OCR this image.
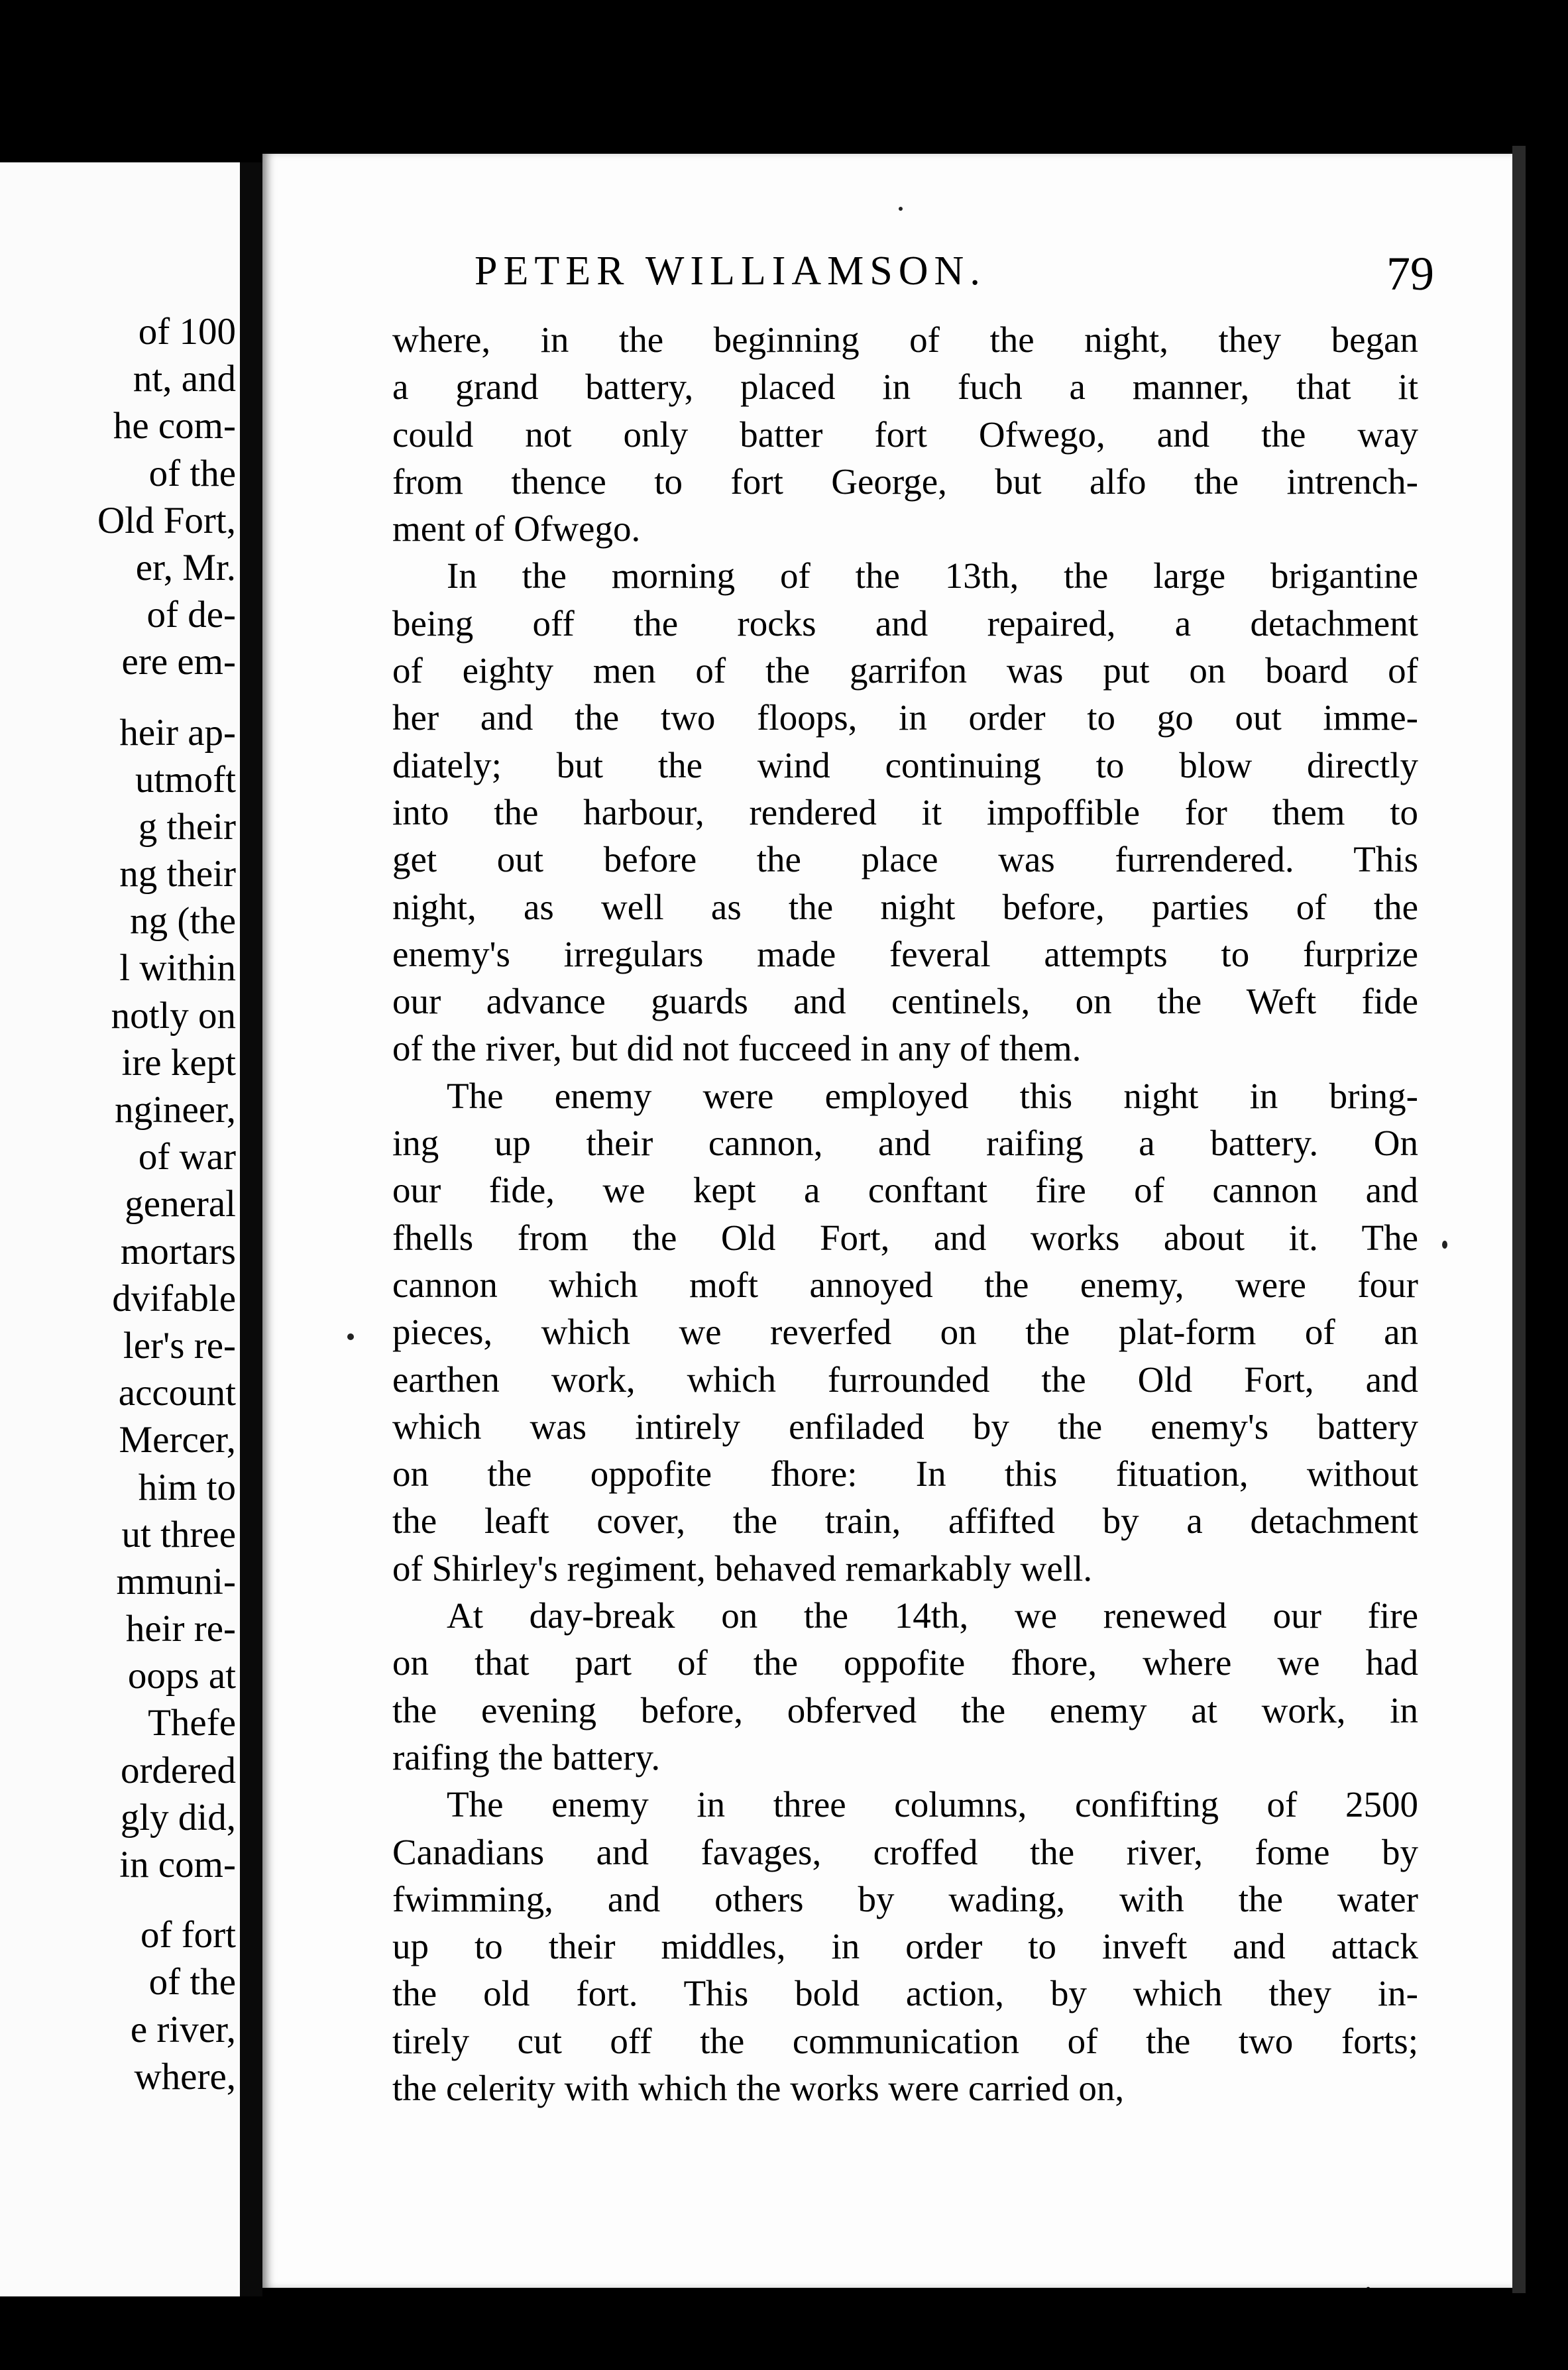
of 100
nt, and
he com-
of the
Old Fort,
er, Mr.
of de-
ere em-
heir ap-
utmoft
g their
ng their
ng (the
l within
notly on
ire kept
ngineer,
of war
general
mortars
dvifable
ler's re-
account
Mercer,
him to
ut three
mmuni-
heir re-
oops at
Thefe
ordered
gly did,
in com-
of fort
of the
e river,
where,
PETER WILLIAMSON.	79
where, in the beginning of the night, they began
a grand battery, placed in fuch a manner, that it
could not only batter fort Ofwego, and the way
from thence to fort George, but alfo the intrench-
ment of Ofwego.
In the morning of the 13th, the large brigantine
being off the rocks and repaired, a detachment
of eighty men of the garrifon was put on board of
her and the two floops, in order to go out imme-
diately; but the wind continuing to blow directly
into the harbour, rendered it impoffible for them to
get out before the place was furrendered. This
night, as well as the night before, parties of the
enemy's irregulars made feveral attempts to furprize
our advance guards and centinels, on the Weft fide
of the river, but did not fucceed in any of them.
The enemy were employed this night in bring-
ing up their cannon, and raifing a battery. On
our fide, we kept a conftant fire of cannon and
fhells from the Old Fort, and works about it. The
cannon which moft annoyed the enemy, were four
pieces, which we reverfed on the plat-form of an
earthen work, which furrounded the Old Fort, and
which was intirely enfiladed by the enemy's battery
on the oppofite fhore: In this fituation, without
the leaft cover, the train, affifted by a detachment
of Shirley's regiment, behaved remarkably well.
At day-break on the 14th, we renewed our fire
on that part of the oppofite fhore, where we had
the evening before, obferved the enemy at work, in
raifing the battery.
The enemy in three columns, confifting of 2500
Canadians and favages, croffed the river, fome by
fwimming, and others by wading, with the water
up to their middles, in order to inveft and attack
the old fort. This bold action, by which they in-
tirely cut off the communication of the two forts;
the celerity with which the works were carried on,
in
